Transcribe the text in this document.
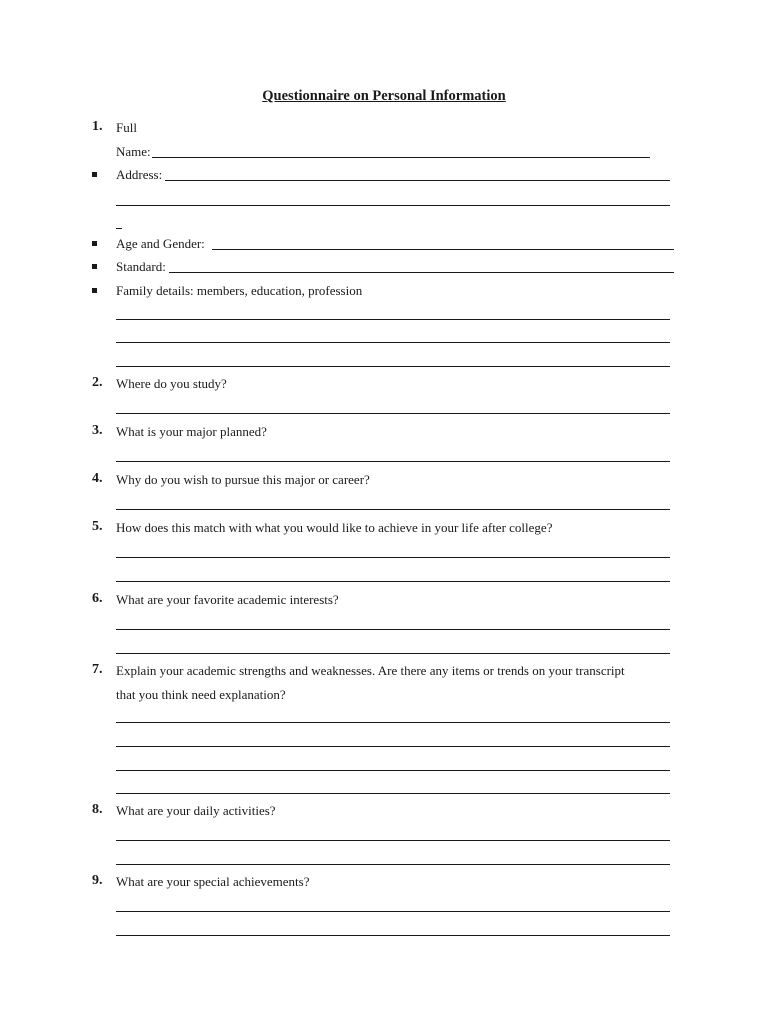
Questionnaire on Personal Information
1. Full
Name:
Address:
Age and Gender:
Standard:
Family details: members, education, profession
2. Where do you study?
3. What is your major planned?
4. Why do you wish to pursue this major or career?
5. How does this match with what you would like to achieve in your life after college?
6. What are your favorite academic interests?
7. Explain your academic strengths and weaknesses. Are there any items or trends on your transcript
that you think need explanation?
8. What are your daily activities?
9. What are your special achievements?
